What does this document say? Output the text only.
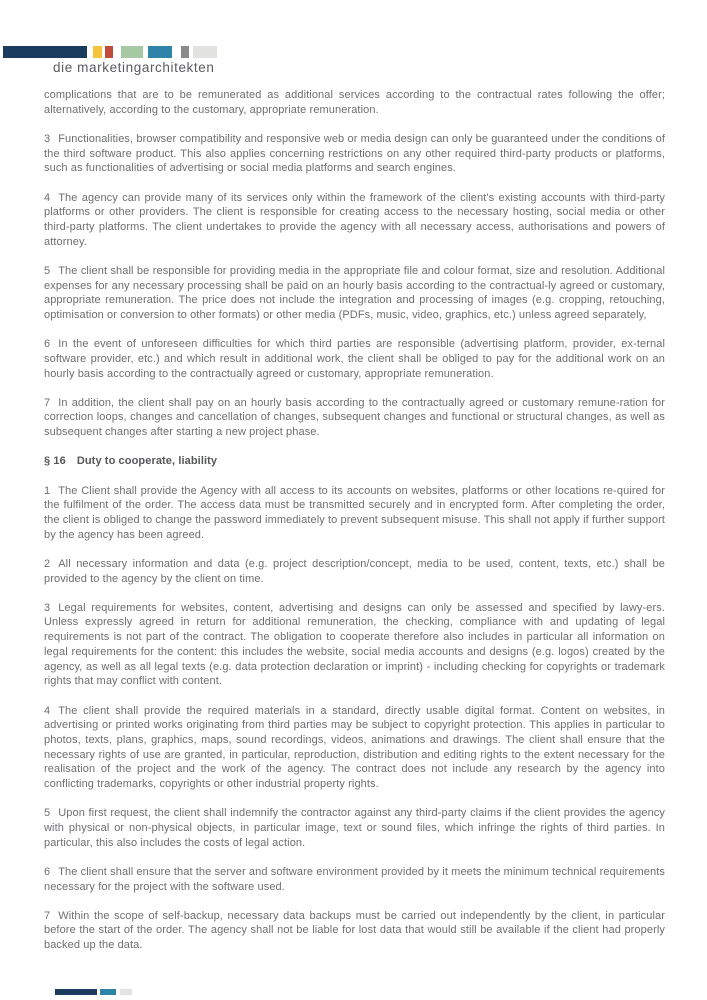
die marketingarchitekten

complications that are to be remunerated as additional services according to the contractual rates following the offer; alternatively, according to the customary, appropriate remuneration.

3 Functionalities, browser compatibility and responsive web or media design can only be guaranteed under the conditions of the third software product. This also applies concerning restrictions on any other required third-party products or platforms, such as functionalities of advertising or social media platforms and search engines.

4 The agency can provide many of its services only within the framework of the client's existing accounts with third-party platforms or other providers. The client is responsible for creating access to the necessary hosting, social media or other third-party platforms. The client undertakes to provide the agency with all necessary access, authorisations and powers of attorney.

5 The client shall be responsible for providing media in the appropriate file and colour format, size and resolution. Additional expenses for any necessary processing shall be paid on an hourly basis according to the contractual-ly agreed or customary, appropriate remuneration. The price does not include the integration and processing of images (e.g. cropping, retouching, optimisation or conversion to other formats) or other media (PDFs, music, video, graphics, etc.) unless agreed separately,

6 In the event of unforeseen difficulties for which third parties are responsible (advertising platform, provider, ex-ternal software provider, etc.) and which result in additional work, the client shall be obliged to pay for the additional work on an hourly basis according to the contractually agreed or customary, appropriate remuneration.

7 In addition, the client shall pay on an hourly basis according to the contractually agreed or customary remune-ration for correction loops, changes and cancellation of changes, subsequent changes and functional or structural changes, as well as subsequent changes after starting a new project phase.

§ 16 Duty to cooperate, liability

1 The Client shall provide the Agency with all access to its accounts on websites, platforms or other locations re-quired for the fulfilment of the order. The access data must be transmitted securely and in encrypted form. After completing the order, the client is obliged to change the password immediately to prevent subsequent misuse. This shall not apply if further support by the agency has been agreed.

2 All necessary information and data (e.g. project description/concept, media to be used, content, texts, etc.) shall be provided to the agency by the client on time.

3 Legal requirements for websites, content, advertising and designs can only be assessed and specified by lawy-ers. Unless expressly agreed in return for additional remuneration, the checking, compliance with and updating of legal requirements is not part of the contract. The obligation to cooperate therefore also includes in particular all information on legal requirements for the content: this includes the website, social media accounts and designs (e.g. logos) created by the agency, as well as all legal texts (e.g. data protection declaration or imprint) - including checking for copyrights or trademark rights that may conflict with content.

4 The client shall provide the required materials in a standard, directly usable digital format. Content on websites, in advertising or printed works originating from third parties may be subject to copyright protection. This applies in particular to photos, texts, plans, graphics, maps, sound recordings, videos, animations and drawings. The client shall ensure that the necessary rights of use are granted, in particular, reproduction, distribution and editing rights to the extent necessary for the realisation of the project and the work of the agency. The contract does not include any research by the agency into conflicting trademarks, copyrights or other industrial property rights.

5 Upon first request, the client shall indemnify the contractor against any third-party claims if the client provides the agency with physical or non-physical objects, in particular image, text or sound files, which infringe the rights of third parties. In particular, this also includes the costs of legal action.

6 The client shall ensure that the server and software environment provided by it meets the minimum technical requirements necessary for the project with the software used.

7 Within the scope of self-backup, necessary data backups must be carried out independently by the client, in particular before the start of the order. The agency shall not be liable for lost data that would still be available if the client had properly backed up the data.
